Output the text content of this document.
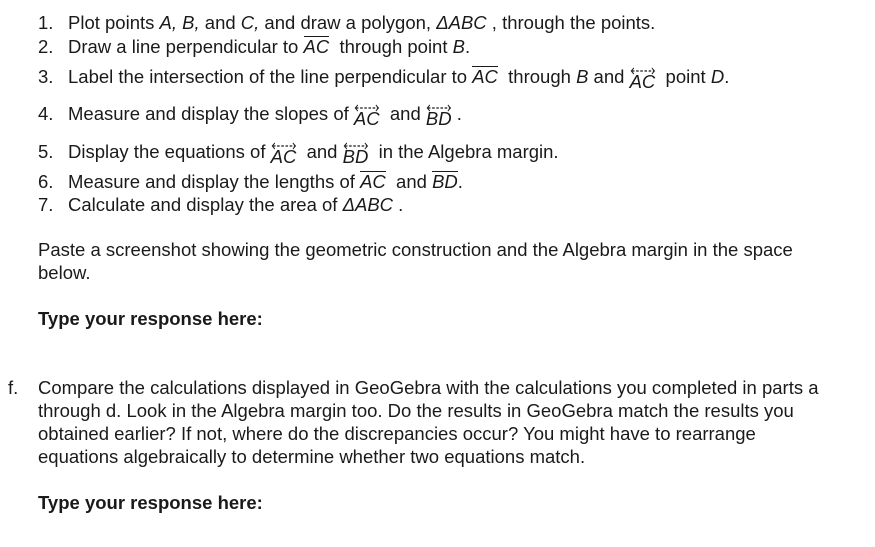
1. Plot points A, B, and C, and draw a polygon, ΔABC , through the points.
2. Draw a line perpendicular to AC  through point B.
3. Label the intersection of the line perpendicular to AC  through B and
AC  point D.
4. Measure and display the slopes of
AC  and
BD .
5. Display the equations of
AC  and
BD  in the Algebra margin.
6. Measure and display the lengths of AC  and BD.
7. Calculate and display the area of ΔABC .
Paste a screenshot showing the geometric construction and the Algebra margin in the space below.
Type your response here:
f. Compare the calculations displayed in GeoGebra with the calculations you completed in parts a through d. Look in the Algebra margin too. Do the results in GeoGebra match the results you obtained earlier? If not, where do the discrepancies occur? You might have to rearrange equations algebraically to determine whether two equations match.
Type your response here:
